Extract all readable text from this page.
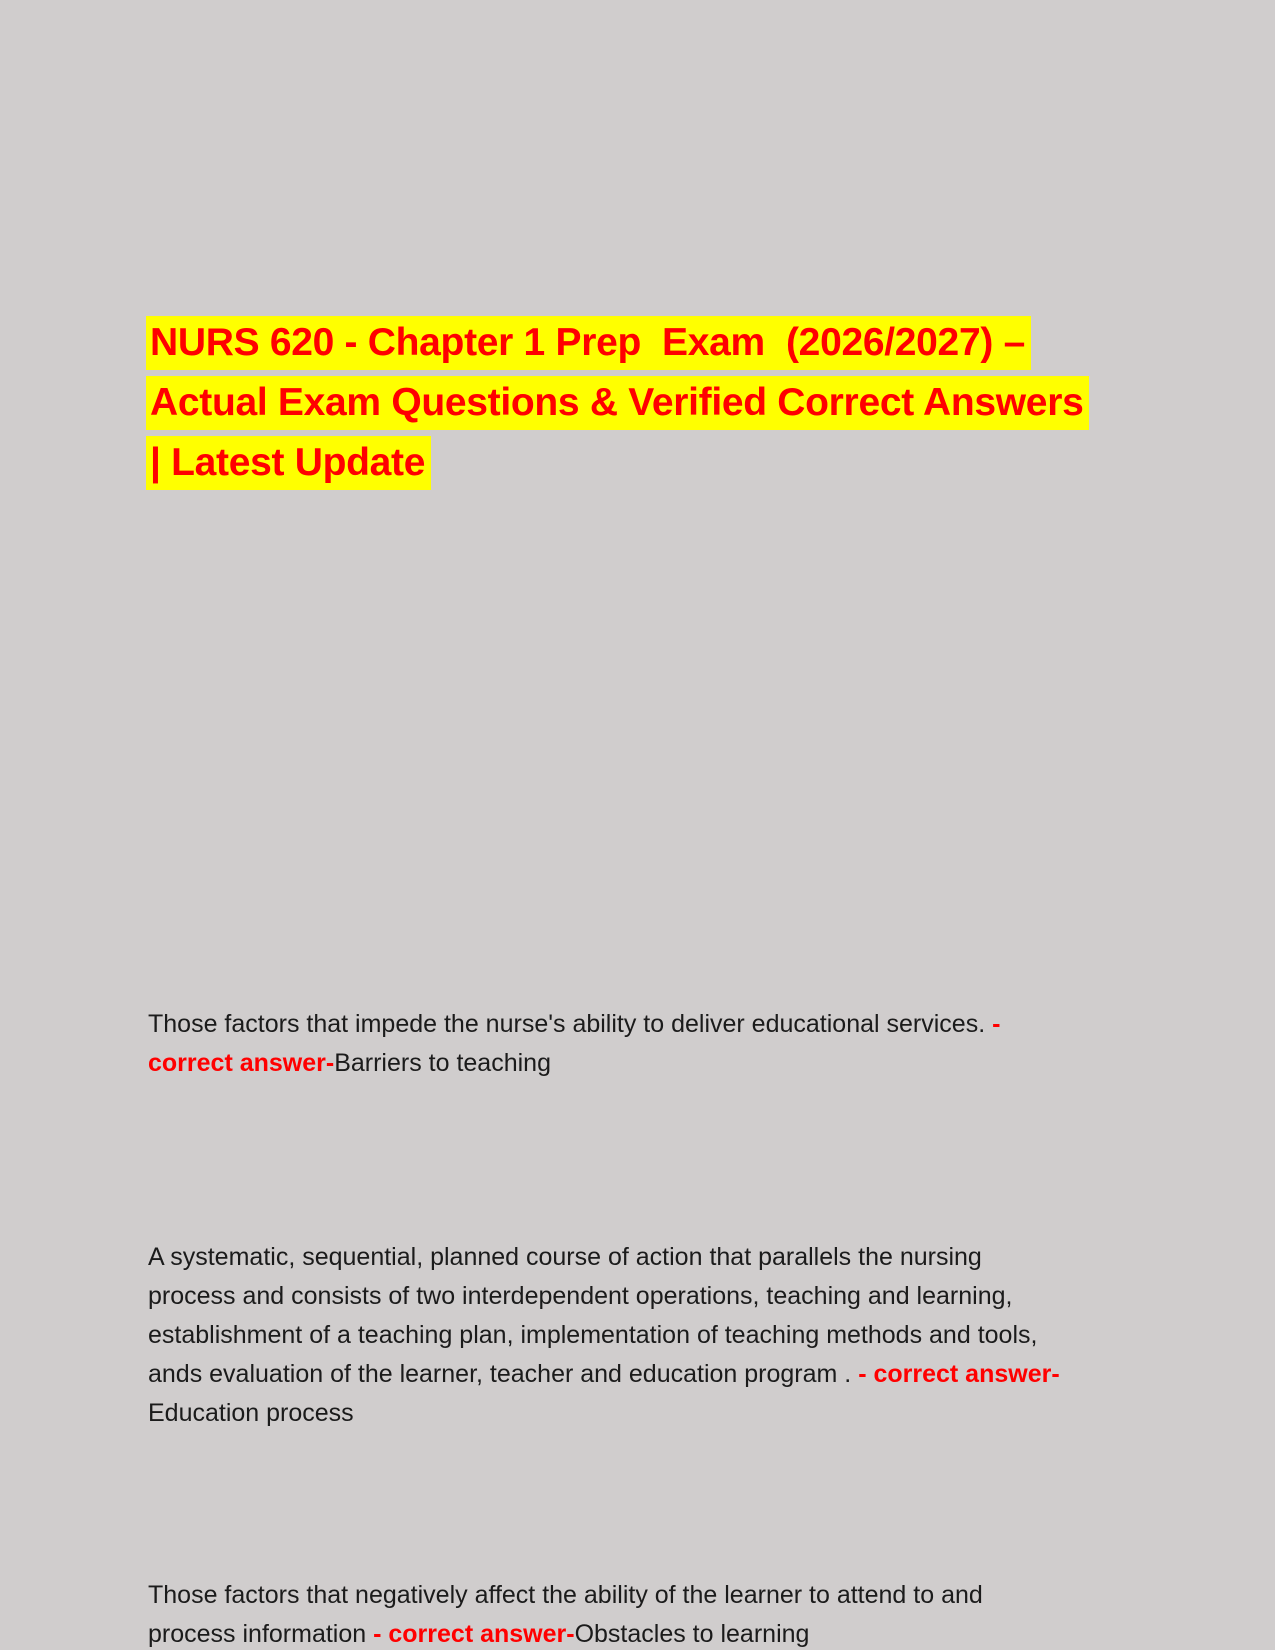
NURS 620 - Chapter 1 Prep  Exam  (2026/2027) –
Actual Exam Questions & Verified Correct Answers
| Latest Update

Those factors that impede the nurse's ability to deliver educational services. - correct answer-Barriers to teaching

A systematic, sequential, planned course of action that parallels the nursing process and consists of two interdependent operations, teaching and learning, establishment of a teaching plan, implementation of teaching methods and tools, ands evaluation of the learner, teacher and education program . - correct answer-Education process

Those factors that negatively affect the ability of the learner to attend to and process information - correct answer-Obstacles to learning
